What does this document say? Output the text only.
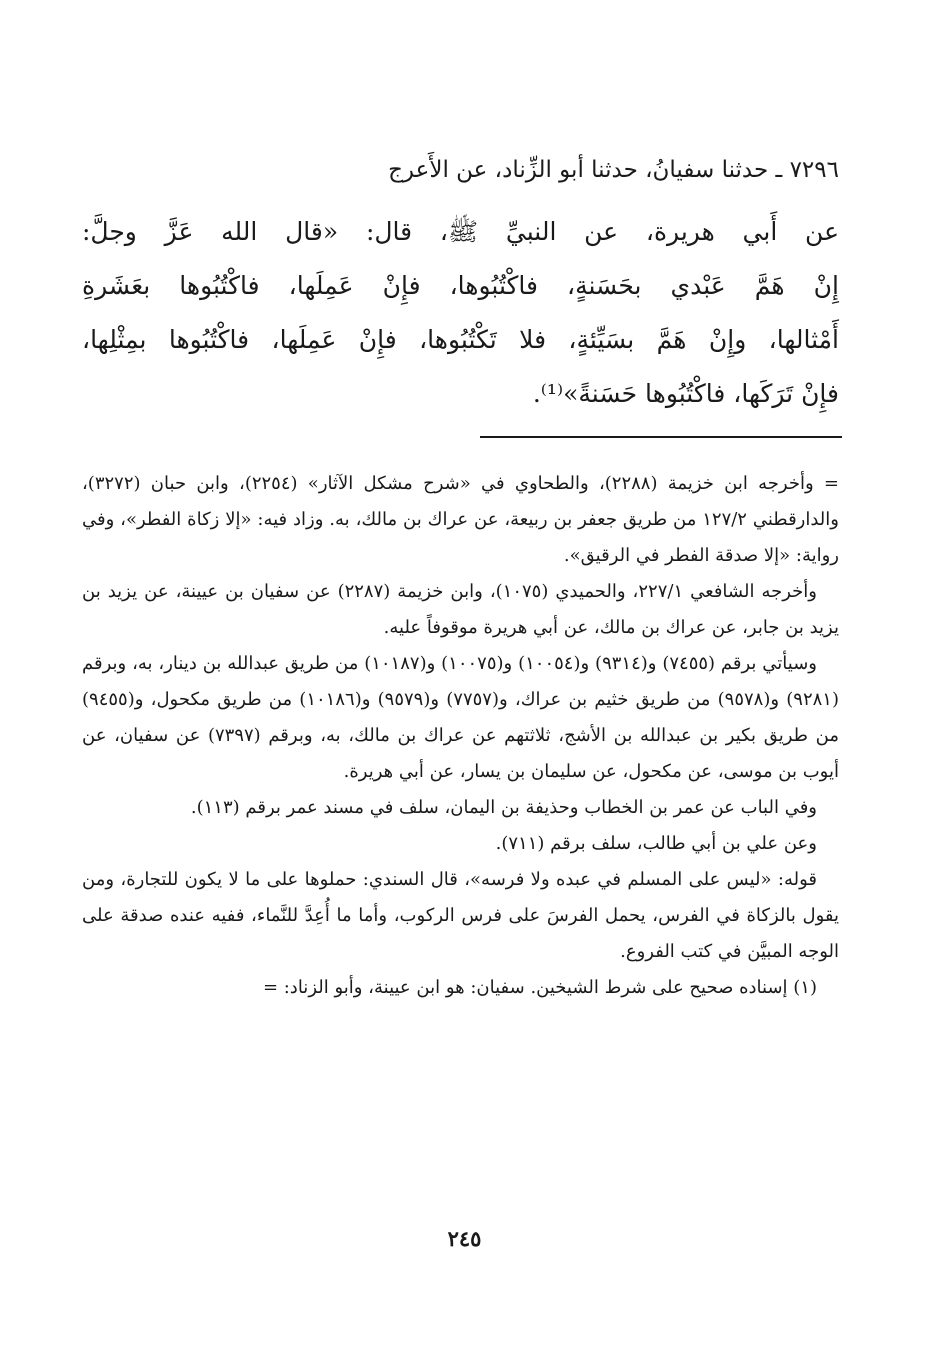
٧٢٩٦ ـ حدثنا سفيانُ، حدثنا أبو الزِّناد، عن الأَعرج
عن أَبي هريرة، عن النبيِّ ﷺ، قال: «قال الله عَزَّ وجلَّ:
إِنْ هَمَّ عَبْدي بحَسَنةٍ، فاكْتُبُوها، فإِنْ عَمِلَها، فاكْتُبُوها بعَشَرةِ
أَمْثالها، وإِنْ هَمَّ بسَيِّئةٍ، فلا تَكْتُبُوها، فإِنْ عَمِلَها، فاكْتُبُوها بمِثْلِها،
فإِنْ تَرَكَها، فاكْتُبُوها حَسَنةً»⁽¹⁾.

= وأخرجه ابن خزيمة (٢٢٨٨)، والطحاوي في «شرح مشكل الآثار» (٢٢٥٤)، وابن حبان (٣٢٧٢)، والدارقطني ١٢٧/٢ من طريق جعفر بن ربيعة، عن عراك بن مالك، به. وزاد فيه: «إلا زكاة الفطر»، وفي رواية: «إلا صدقة الفطر في الرقيق».

وأخرجه الشافعي ٢٢٧/١، والحميدي (١٠٧٥)، وابن خزيمة (٢٢٨٧) عن سفيان بن عيينة، عن يزيد بن يزيد بن جابر، عن عراك بن مالك، عن أبي هريرة موقوفاً عليه.

وسيأتي برقم (٧٤٥٥) و(٩٣١٤) و(١٠٠٥٤) و(١٠٠٧٥) و(١٠١٨٧) من طريق عبدالله بن دينار، به، وبرقم (٩٢٨١) و(٩٥٧٨) من طريق خثيم بن عراك، و(٧٧٥٧) و(٩٥٧٩) و(١٠١٨٦) من طريق مكحول، و(٩٤٥٥) من طريق بكير بن عبدالله بن الأشج، ثلاثتهم عن عراك بن مالك، به، وبرقم (٧٣٩٧) عن سفيان، عن أيوب بن موسى، عن مكحول، عن سليمان بن يسار، عن أبي هريرة.

وفي الباب عن عمر بن الخطاب وحذيفة بن اليمان، سلف في مسند عمر برقم (١١٣).

وعن علي بن أبي طالب، سلف برقم (٧١١).

قوله: «ليس على المسلم في عبده ولا فرسه»، قال السندي: حملوها على ما لا يكون للتجارة، ومن يقول بالزكاة في الفرس، يحمل الفرسَ على فرس الركوب، وأما ما أُعِدَّ للنَّماء، ففيه عنده صدقة على الوجه المبيَّن في كتب الفروع.

(١) إسناده صحيح على شرط الشيخين. سفيان: هو ابن عيينة، وأبو الزناد: =

٢٤٥
